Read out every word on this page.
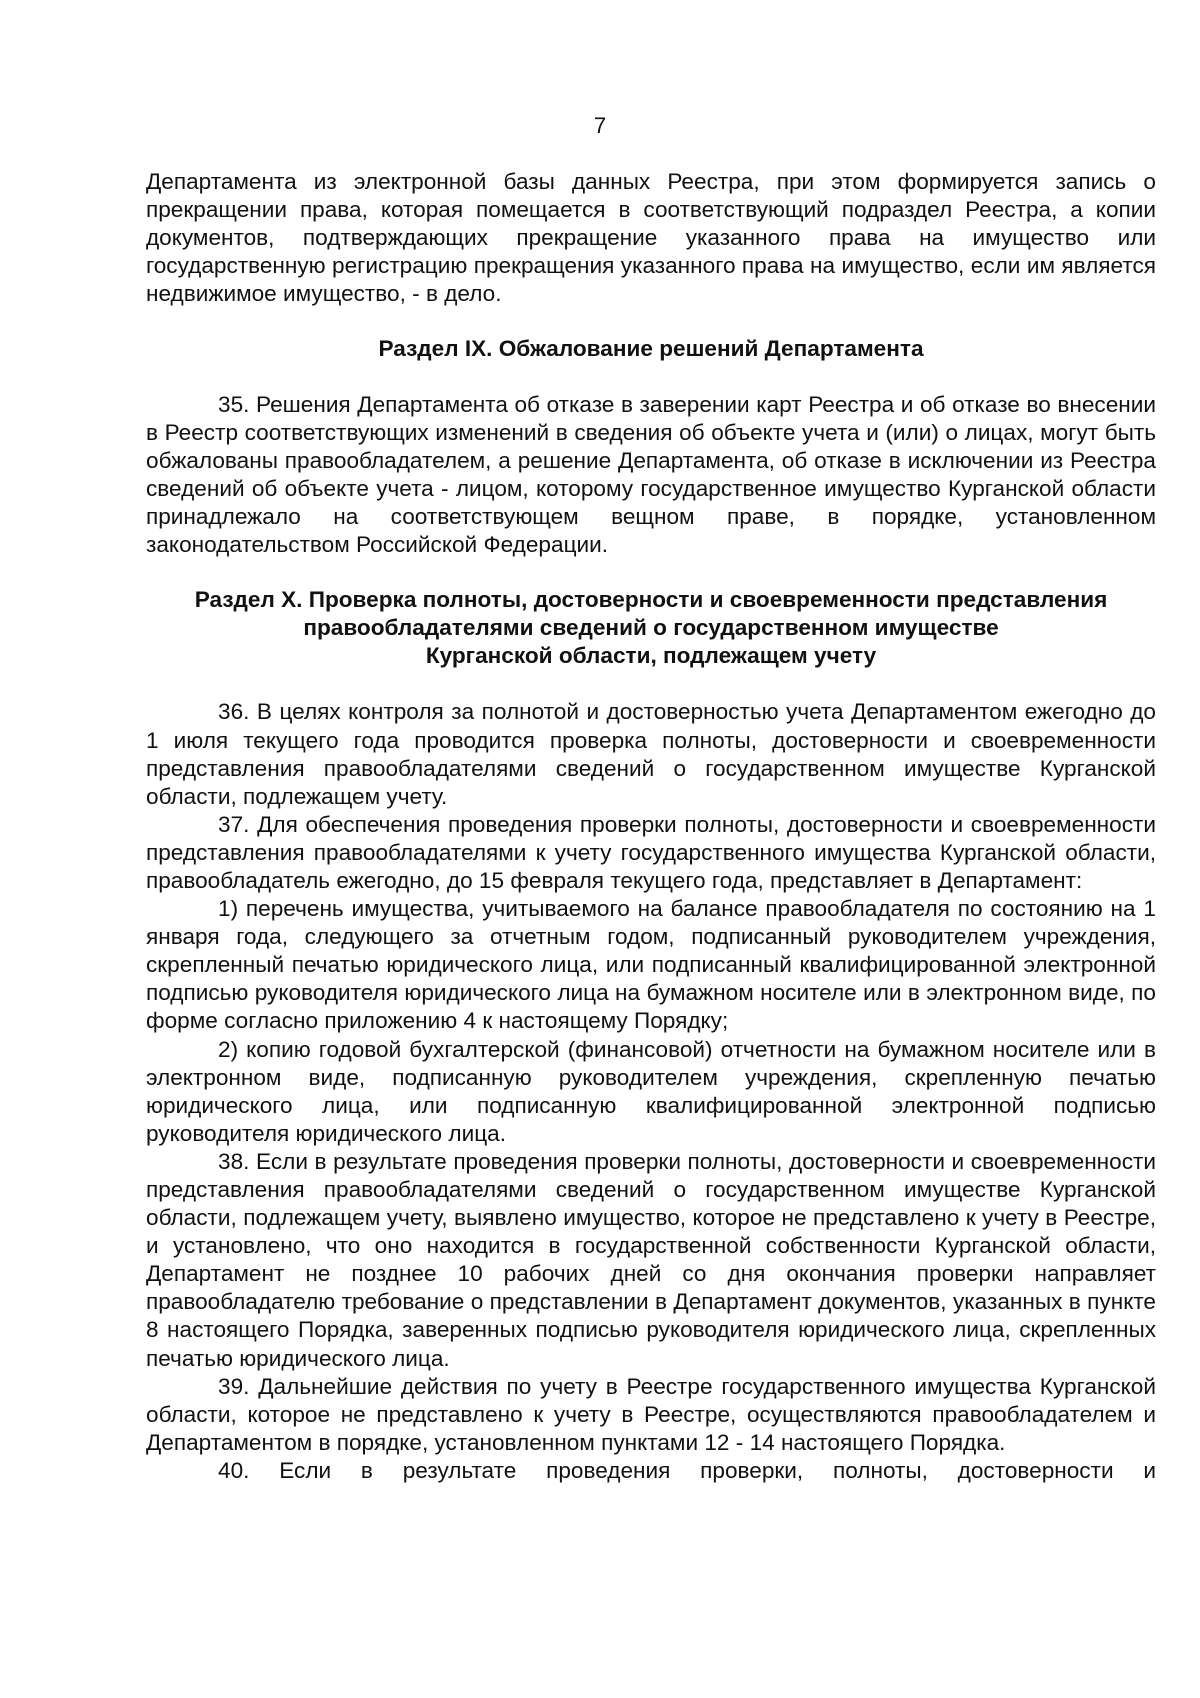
7

Департамента из электронной базы данных Реестра, при этом формируется запись о прекращении права, которая помещается в соответствующий подраздел Реестра, а копии документов, подтверждающих прекращение указанного права на имущество или государственную регистрацию прекращения указанного права на имущество, если им является недвижимое имущество, - в дело.

Раздел IX. Обжалование решений Департамента

35. Решения Департамента об отказе в заверении карт Реестра и об отказе во внесении в Реестр соответствующих изменений в сведения об объекте учета и (или) о лицах, могут быть обжалованы правообладателем, а решение Департамента, об отказе в исключении из Реестра сведений об объекте учета - лицом, которому государственное имущество Курганской области принадлежало на соответствующем вещном праве, в порядке, установленном законодательством Российской Федерации.

Раздел X. Проверка полноты, достоверности и своевременности представления
правообладателями сведений о государственном имуществе
Курганской области, подлежащем учету

36. В целях контроля за полнотой и достоверностью учета Департаментом ежегодно до 1 июля текущего года проводится проверка полноты, достоверности и своевременности представления правообладателями сведений о государственном имуществе Курганской области, подлежащем учету.

37. Для обеспечения проведения проверки полноты, достоверности и своевременности представления правообладателями к учету государственного имущества Курганской области, правообладатель ежегодно, до 15 февраля текущего года, представляет в Департамент:

1) перечень имущества, учитываемого на балансе правообладателя по состоянию на 1 января года, следующего за отчетным годом, подписанный руководителем учреждения, скрепленный печатью юридического лица, или подписанный квалифицированной электронной подписью руководителя юридического лица на бумажном носителе или в электронном виде, по форме согласно приложению 4 к настоящему Порядку;

2) копию годовой бухгалтерской (финансовой) отчетности на бумажном носителе или в электронном виде, подписанную руководителем учреждения, скрепленную печатью юридического лица, или подписанную квалифицированной электронной подписью руководителя юридического лица.

38. Если в результате проведения проверки полноты, достоверности и своевременности представления правообладателями сведений о государственном имуществе Курганской области, подлежащем учету, выявлено имущество, которое не представлено к учету в Реестре, и установлено, что оно находится в государственной собственности Курганской области, Департамент не позднее 10 рабочих дней со дня окончания проверки направляет правообладателю требование о представлении в Департамент документов, указанных в пункте 8 настоящего Порядка, заверенных подписью руководителя юридического лица, скрепленных печатью юридического лица.

39. Дальнейшие действия по учету в Реестре государственного имущества Курганской области, которое не представлено к учету в Реестре, осуществляются правообладателем и Департаментом в порядке, установленном пунктами 12 - 14 настоящего Порядка.

40. Если в результате проведения проверки, полноты, достоверности и
